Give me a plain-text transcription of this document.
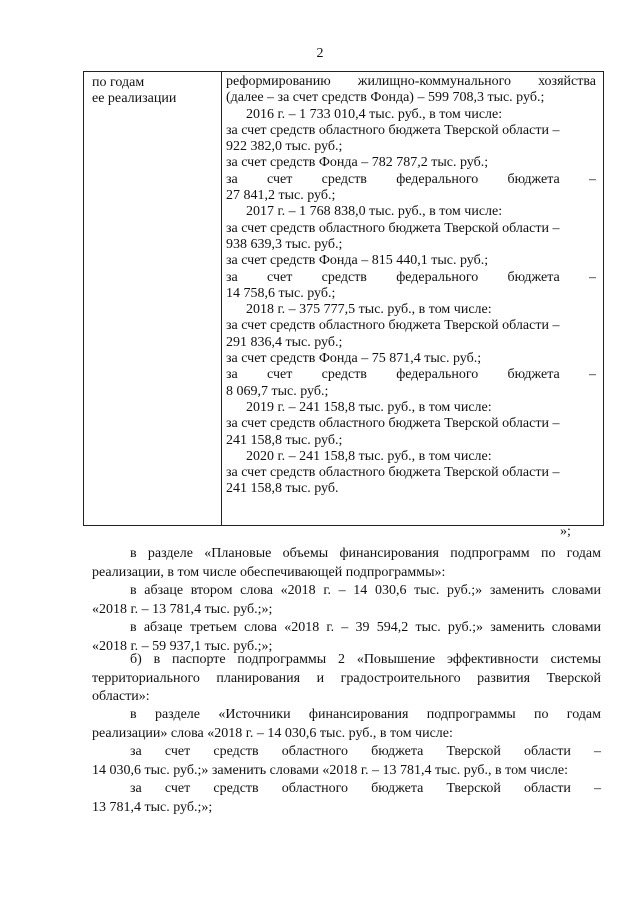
2
по годам
ее реализации
реформированию жилищно-коммунального хозяйства
(далее – за счет средств Фонда) – 599 708,3 тыс. руб.;
2016 г. – 1 733 010,4 тыс. руб., в том числе:
за счет средств областного бюджета Тверской области –
922 382,0 тыс. руб.;
за счет средств Фонда – 782 787,2 тыс. руб.;
за счет средств федерального бюджета –
27 841,2 тыс. руб.;
2017 г. – 1 768 838,0 тыс. руб., в том числе:
за счет средств областного бюджета Тверской области –
938 639,3 тыс. руб.;
за счет средств Фонда – 815 440,1 тыс. руб.;
за счет средств федерального бюджета –
14 758,6 тыс. руб.;
2018 г. – 375 777,5 тыс. руб., в том числе:
за счет средств областного бюджета Тверской области –
291 836,4 тыс. руб.;
за счет средств Фонда – 75 871,4 тыс. руб.;
за счет средств федерального бюджета –
8 069,7 тыс. руб.;
2019 г. – 241 158,8 тыс. руб., в том числе:
за счет средств областного бюджета Тверской области –
241 158,8 тыс. руб.;
2020 г. – 241 158,8 тыс. руб., в том числе:
за счет средств областного бюджета Тверской области –
241 158,8 тыс. руб.
»;
в разделе «Плановые объемы финансирования подпрограмм по годам
реализации, в том числе обеспечивающей подпрограммы»:
в абзаце втором слова «2018 г. – 14 030,6 тыс. руб.;» заменить словами
«2018 г. – 13 781,4 тыс. руб.;»;
в абзаце третьем слова «2018 г. – 39 594,2 тыс. руб.;» заменить словами
«2018 г. – 59 937,1 тыс. руб.;»;
б) в паспорте подпрограммы 2 «Повышение эффективности системы
территориального планирования и градостроительного развития Тверской
области»:
в разделе «Источники финансирования подпрограммы по годам
реализации» слова «2018 г. – 14 030,6 тыс. руб., в том числе:
за счет средств областного бюджета Тверской области –
14 030,6 тыс. руб.;» заменить словами «2018 г. – 13 781,4 тыс. руб., в том числе:
за счет средств областного бюджета Тверской области –
13 781,4 тыс. руб.;»;
